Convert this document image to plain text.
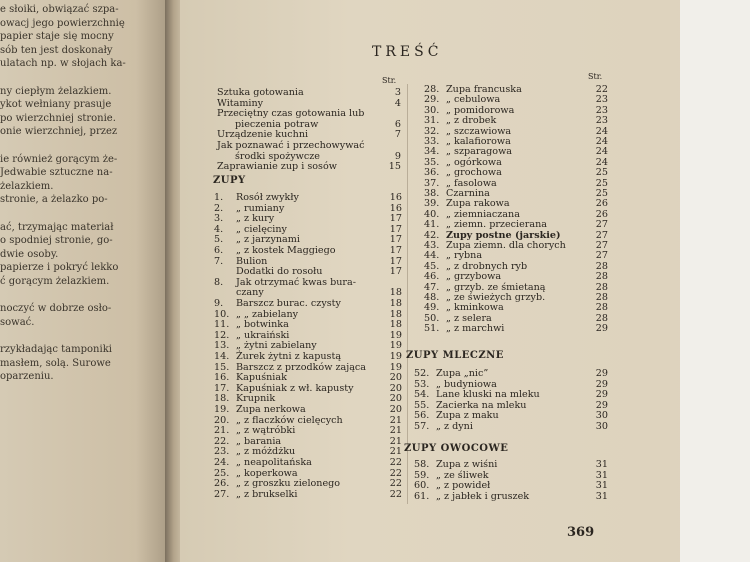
e słoiki, obwiązać szpa-
owacj jego powierzchnię
papier staje się mocny
sób ten jest doskonały
ulatach np. w słojach ka-
ny ciepłym żelazkiem.
ykot wełniany prasuje
po wierzchniej stronie.
onie wierzchniej, przez
ie również gorącym że-
Jedwabie sztuczne na-
żelazkiem.
stronie, a żelazko po-
ać, trzymając materiał
o spodniej stronie, go-
dwie osoby.
papierze i pokryć lekko
ć gorącym żelazkiem.
noczyć w dobrze osło-
sować.
rzykładając tamponiki
masłem, solą. Surowe
oparzeniu.
TREŚĆ
Str.	Str.
ZUPY
ZUPY MLECZNE
ZUPY OWOCOWE
Sztuka gotowania	3
Witaminy	4
Przeciętny czas gotowania lub
pieczenia potraw	6
Urządzenie kuchni	7
Jak poznawać i przechowywać
środki spożywcze	9
Zaprawianie zup i sosów	15
1.	Rosół zwykły	16
2.	„ rumiany	16
3.	„ z kury	17
4.	„ cielęciny	17
5.	„ z jarzynami	17
6.	„ z kostek Maggiego	17
7.	Bulion	17
Dodatki do rosołu	17
8.	Jak otrzymać kwas bura-
czany	18
9.	Barszcz burac. czysty	18
10. „ „ zabielany	18
11. „ botwinka	18
12. „ ukraiński	19
13. „ żytni zabielany	19
14. Żurek żytni z kapustą	19
15. Barszcz z przodków zająca	19
16. Kapuśniak	20
17. Kapuśniak z wł. kapusty	20
18. Krupnik	20
19. Zupa nerkowa	20
20. „ z flaczków cielęcych	21
21. „ z wątróbki	21
22. „ barania	21
23. „ z móżdżku	21
24. „ neapolitańska	22
25. „ koperkowa	22
26. „ z groszku zielonego	22
27. „ z brukselki	22
28. Zupa francuska	22
29. „ cebulowa	23
30. „ pomidorowa	23
31. „ z drobek	23
32. „ szczawiowa	24
33. „ kalafiorowa	24
34. „ szparagowa	24
35. „ ogórkowa	24
36. „ grochowa	25
37. „ fasolowa	25
38. Czarnina	25
39. Zupa rakowa	26
40. „ ziemniaczana	26
41. „ ziemn. przecierana	27
42. Zupy postne (jarskie)	27
43. Zupa ziemn. dla chorych	27
44. „ rybna	27
45. „ z drobnych ryb	28
46. „ grzybowa	28
47. „ grzyb. ze śmietaną	28
48. „ ze świeżych grzyb.	28
49. „ kminkowa	28
50. „ z selera	28
51. „ z marchwi	29
52. Zupa „nic”	29
53. „ budyniowa	29
54. Lane kluski na mleku	29
55. Zacierka na mleku	29
56. Zupa z maku	30
57. „ z dyni	30
58. Zupa z wiśni	31
59. „ ze śliwek	31
60. „ z powideł	31
61. „ z jabłek i gruszek	31
369
